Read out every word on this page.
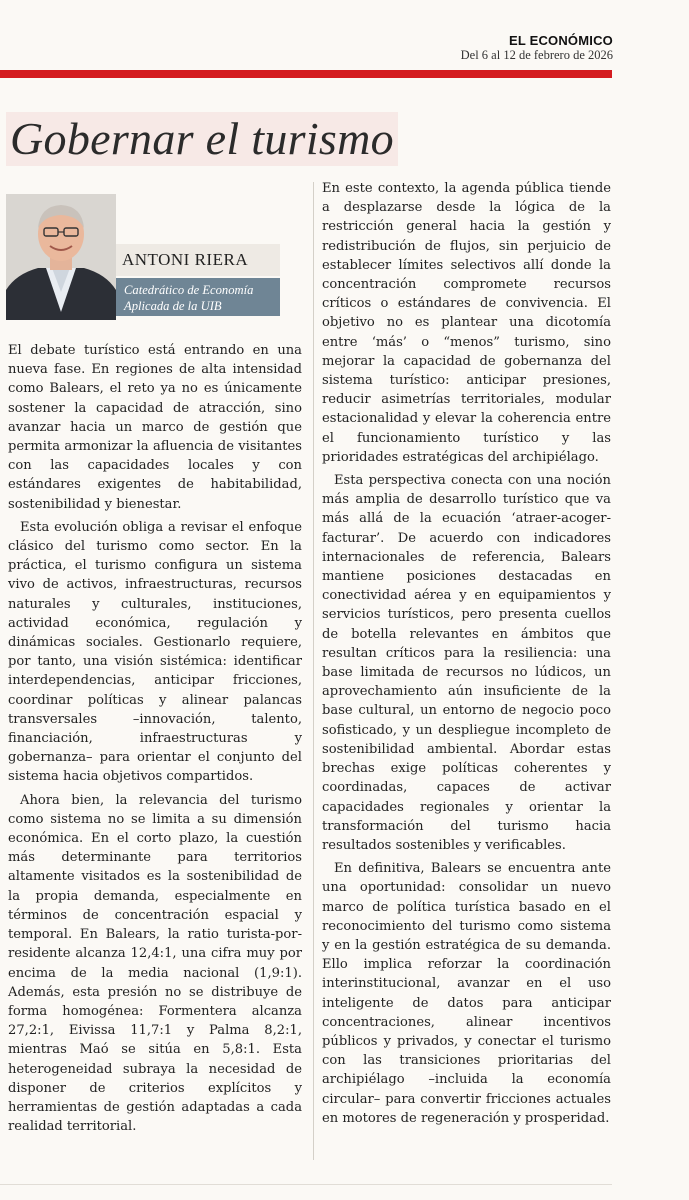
EL ECONÓMICO
Del 6 al 12 de febrero de 2026
Gobernar el turismo
ANTONI RIERA
Catedrático de Economía Aplicada de la UIB

El debate turístico está entrando en una nueva fase. En regiones de alta intensidad como Balears, el reto ya no es únicamente sostener la capacidad de atracción, sino avanzar hacia un marco de gestión que permita armonizar la afluencia de visitantes con las capacidades locales y con estándares exigentes de habitabilidad, sostenibilidad y bienestar.

Esta evolución obliga a revisar el enfoque clásico del turismo como sector. En la práctica, el turismo configura un sistema vivo de activos, infraestructuras, recursos naturales y culturales, instituciones, actividad económica, regulación y dinámicas sociales. Gestionarlo requiere, por tanto, una visión sistémica: identificar interdependencias, anticipar fricciones, coordinar políticas y alinear palancas transversales –innovación, talento, financiación, infraestructuras y gobernanza– para orientar el conjunto del sistema hacia objetivos compartidos.

Ahora bien, la relevancia del turismo como sistema no se limita a su dimensión económica. En el corto plazo, la cuestión más determinante para territorios altamente visitados es la sostenibilidad de la propia demanda, especialmente en términos de concentración espacial y temporal. En Balears, la ratio turista-por-residente alcanza 12,4:1, una cifra muy por encima de la media nacional (1,9:1). Además, esta presión no se distribuye de forma homogénea: Formentera alcanza 27,2:1, Eivissa 11,7:1 y Palma 8,2:1, mientras Maó se sitúa en 5,8:1. Esta heterogeneidad subraya la necesidad de disponer de criterios explícitos y herramientas de gestión adaptadas a cada realidad territorial.

En este contexto, la agenda pública tiende a desplazarse desde la lógica de la restricción general hacia la gestión y redistribución de flujos, sin perjuicio de establecer límites selectivos allí donde la concentración compromete recursos críticos o estándares de convivencia. El objetivo no es plantear una dicotomía entre ‘más’ o “menos” turismo, sino mejorar la capacidad de gobernanza del sistema turístico: anticipar presiones, reducir asimetrías territoriales, modular estacionalidad y elevar la coherencia entre el funcionamiento turístico y las prioridades estratégicas del archipiélago.

Esta perspectiva conecta con una noción más amplia de desarrollo turístico que va más allá de la ecuación ‘atraer-acoger-facturar’. De acuerdo con indicadores internacionales de referencia, Balears mantiene posiciones destacadas en conectividad aérea y en equipamientos y servicios turísticos, pero presenta cuellos de botella relevantes en ámbitos que resultan críticos para la resiliencia: una base limitada de recursos no lúdicos, un aprovechamiento aún insuficiente de la base cultural, un entorno de negocio poco sofisticado, y un despliegue incompleto de sostenibilidad ambiental. Abordar estas brechas exige políticas coherentes y coordinadas, capaces de activar capacidades regionales y orientar la transformación del turismo hacia resultados sostenibles y verificables.

En definitiva, Balears se encuentra ante una oportunidad: consolidar un nuevo marco de política turística basado en el reconocimiento del turismo como sistema y en la gestión estratégica de su demanda. Ello implica reforzar la coordinación interinstitucional, avanzar en el uso inteligente de datos para anticipar concentraciones, alinear incentivos públicos y privados, y conectar el turismo con las transiciones prioritarias del archipiélago –incluida la economía circular– para convertir fricciones actuales en motores de regeneración y prosperidad.
